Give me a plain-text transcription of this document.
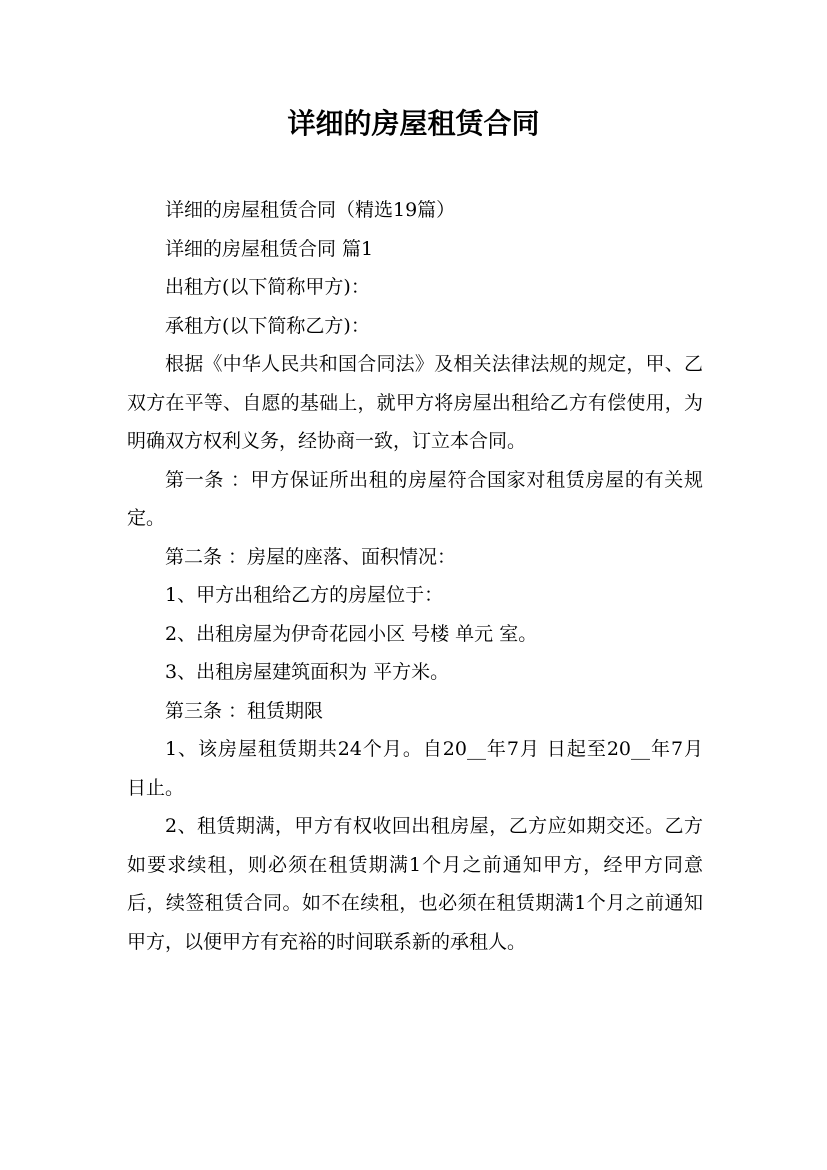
详细的房屋租赁合同

详细的房屋租赁合同（精选19篇）

详细的房屋租赁合同 篇1

出租方(以下简称甲方)：

承租方(以下简称乙方)：

根据《中华人民共和国合同法》及相关法律法规的规定，甲、乙双方在平等、自愿的基础上，就甲方将房屋出租给乙方有偿使用，为明确双方权利义务，经协商一致，订立本合同。

第一条 ：甲方保证所出租的房屋符合国家对租赁房屋的有关规定。

第二条 ：房屋的座落、面积情况：

1、甲方出租给乙方的房屋位于：

2、出租房屋为伊奇花园小区 号楼 单元 室。

3、出租房屋建筑面积为 平方米。

第三条 ：租赁期限

1、该房屋租赁期共24个月。自20__年7月 日起至20__年7月 日止。

2、租赁期满，甲方有权收回出租房屋，乙方应如期交还。乙方如要求续租，则必须在租赁期满1个月之前通知甲方，经甲方同意后，续签租赁合同。如不在续租，也必须在租赁期满1个月之前通知甲方，以便甲方有充裕的时间联系新的承租人。
